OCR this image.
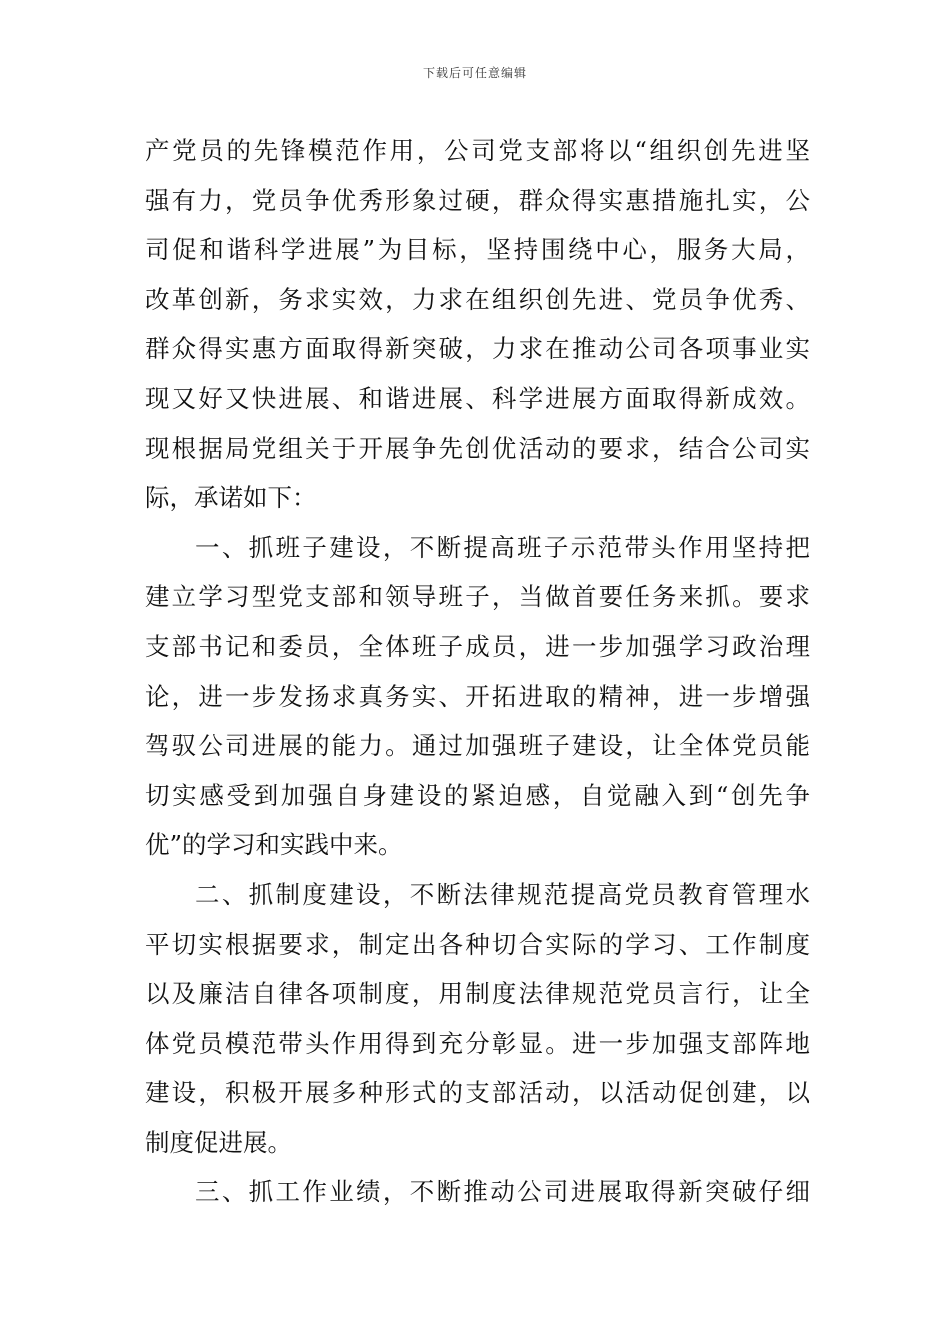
下载后可任意编辑
产党员的先锋模范作用，公司党支部将以“组织创先进坚
强有力，党员争优秀形象过硬，群众得实惠措施扎实，公
司促和谐科学进展”为目标，坚持围绕中心，服务大局，
改革创新，务求实效，力求在组织创先进、党员争优秀、
群众得实惠方面取得新突破，力求在推动公司各项事业实
现又好又快进展、和谐进展、科学进展方面取得新成效。
现根据局党组关于开展争先创优活动的要求，结合公司实
际，承诺如下：
一、抓班子建设，不断提高班子示范带头作用坚持把
建立学习型党支部和领导班子，当做首要任务来抓。要求
支部书记和委员，全体班子成员，进一步加强学习政治理
论，进一步发扬求真务实、开拓进取的精神，进一步增强
驾驭公司进展的能力。通过加强班子建设，让全体党员能
切实感受到加强自身建设的紧迫感，自觉融入到“创先争
优”的学习和实践中来。
二、抓制度建设，不断法律规范提高党员教育管理水
平切实根据要求，制定出各种切合实际的学习、工作制度
以及廉洁自律各项制度，用制度法律规范党员言行，让全
体党员模范带头作用得到充分彰显。进一步加强支部阵地
建设，积极开展多种形式的支部活动，以活动促创建，以
制度促进展。
三、抓工作业绩，不断推动公司进展取得新突破仔细
